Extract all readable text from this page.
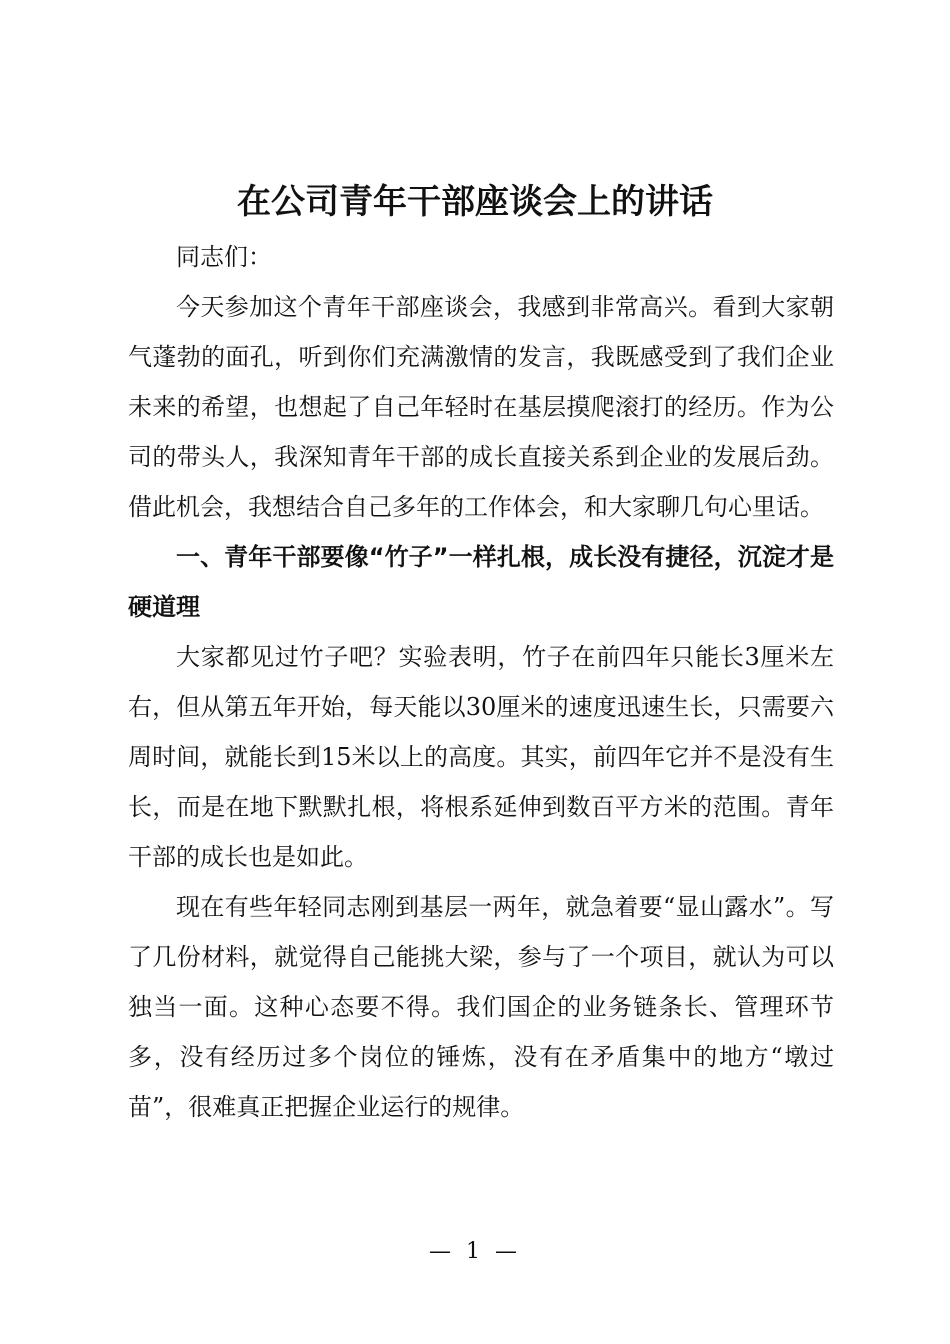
在公司青年干部座谈会上的讲话

同志们：

今天参加这个青年干部座谈会，我感到非常高兴。看到大家朝气蓬勃的面孔，听到你们充满激情的发言，我既感受到了我们企业未来的希望，也想起了自己年轻时在基层摸爬滚打的经历。作为公司的带头人，我深知青年干部的成长直接关系到企业的发展后劲。借此机会，我想结合自己多年的工作体会，和大家聊几句心里话。

一、青年干部要像“竹子”一样扎根，成长没有捷径，沉淀才是硬道理

大家都见过竹子吧？实验表明，竹子在前四年只能长3厘米左右，但从第五年开始，每天能以30厘米的速度迅速生长，只需要六周时间，就能长到15米以上的高度。其实，前四年它并不是没有生长，而是在地下默默扎根，将根系延伸到数百平方米的范围。青年干部的成长也是如此。

现在有些年轻同志刚到基层一两年，就急着要“显山露水”。写了几份材料，就觉得自己能挑大梁，参与了一个项目，就认为可以独当一面。这种心态要不得。我们国企的业务链条长、管理环节多，没有经历过多个岗位的锤炼，没有在矛盾集中的地方“墩过苗”，很难真正把握企业运行的规律。

— 1 —
